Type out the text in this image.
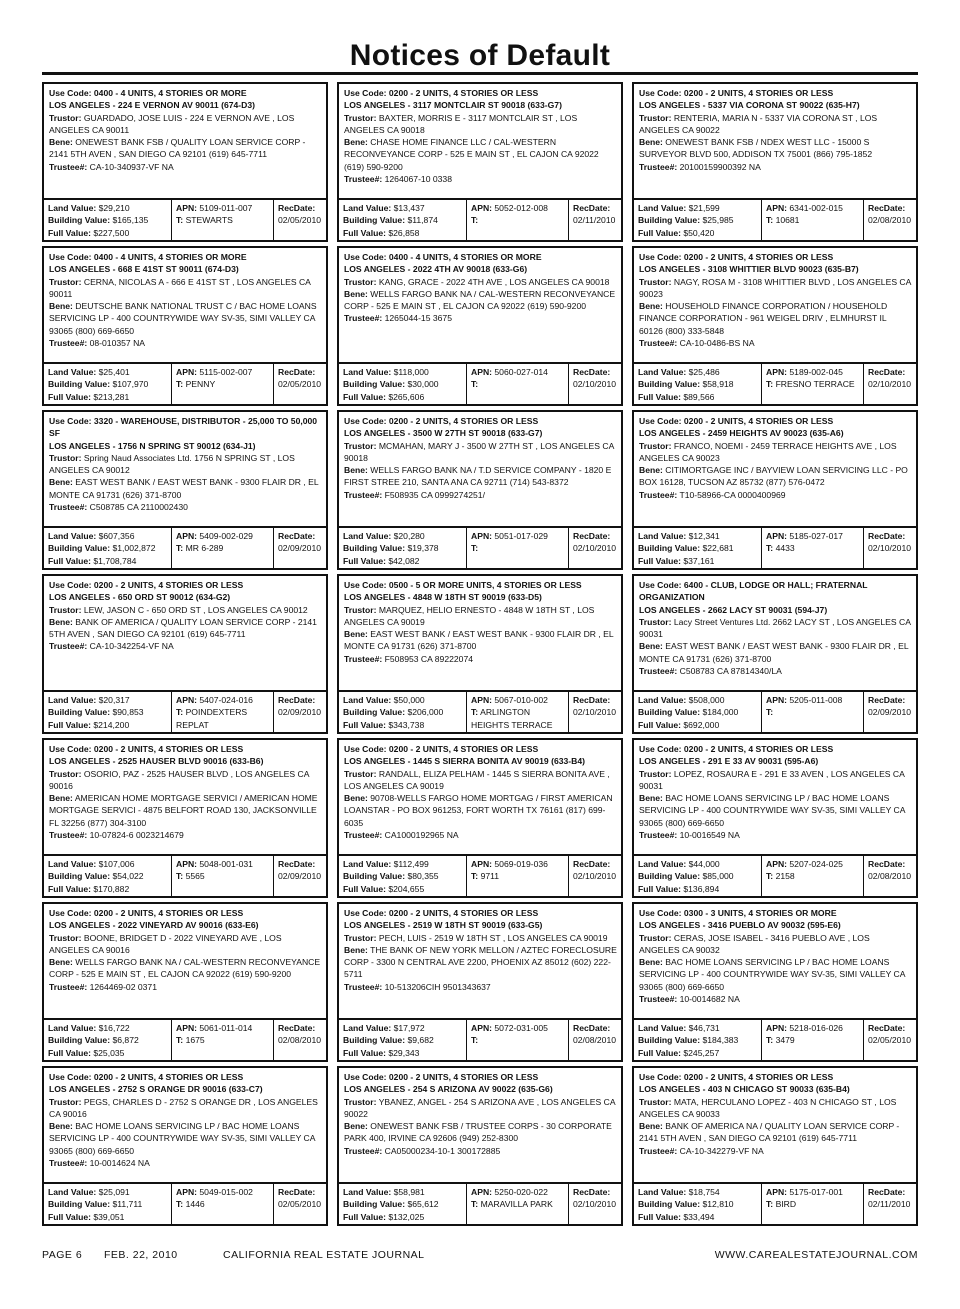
Notices of Default
Use Code: 0400 - 4 UNITS, 4 STORIES OR MORE
LOS ANGELES - 224 E VERNON AV 90011 (674-D3)
Trustor: GUARDADO, JOSE LUIS - 224 E VERNON AVE , LOS ANGELES CA 90011
Bene: ONEWEST BANK FSB / QUALITY LOAN SERVICE CORP - 2141 5TH AVEN , SAN DIEGO CA 92101 (619) 645-7711
Trustee#: CA-10-340937-VF NA
Land Value: $29,210
Building Value: $165,135
Full Value: $227,500
APN: 5109-011-007
T: STEWARTS
RecDate:
02/05/2010
Use Code: 0200 - 2 UNITS, 4 STORIES OR LESS
LOS ANGELES - 3117 MONTCLAIR ST 90018 (633-G7)
Trustor: BAXTER, MORRIS E - 3117 MONTCLAIR ST , LOS ANGELES CA 90018
Bene: CHASE HOME FINANCE LLC / CAL-WESTERN RECONVEYANCE CORP - 525 E MAIN ST , EL CAJON CA 92022 (619) 590-9200
Trustee#: 1264067-10 0338
Land Value: $13,437
Building Value: $11,874
Full Value: $26,858
APN: 5052-012-008
T:
RecDate:
02/11/2010
Use Code: 0200 - 2 UNITS, 4 STORIES OR LESS
LOS ANGELES - 5337 VIA CORONA ST 90022 (635-H7)
Trustor: RENTERIA, MARIA N - 5337 VIA CORONA ST , LOS ANGELES CA 90022
Bene: ONEWEST BANK FSB / NDEX WEST LLC - 15000 S SURVEYOR BLVD 500, ADDISON TX 75001 (866) 795-1852
Trustee#: 20100159900392 NA
Land Value: $21,599
Building Value: $25,985
Full Value: $50,420
APN: 6341-002-015
T: 10681
RecDate:
02/08/2010
Use Code: 0400 - 4 UNITS, 4 STORIES OR MORE
LOS ANGELES - 668 E 41ST ST 90011 (674-D3)
Trustor: CERNA, NICOLAS A - 666 E 41ST ST , LOS ANGELES CA 90011
Bene: DEUTSCHE BANK NATIONAL TRUST C / BAC HOME LOANS SERVICING LP - 400 COUNTRYWIDE WAY SV-35, SIMI VALLEY CA 93065 (800) 669-6650
Trustee#: 08-010357 NA
Land Value: $25,401
Building Value: $107,970
Full Value: $213,281
APN: 5115-002-007
T: PENNY
RecDate:
02/05/2010
Use Code: 0400 - 4 UNITS, 4 STORIES OR MORE
LOS ANGELES - 2022 4TH AV 90018 (633-G6)
Trustor: KANG, GRACE - 2022 4TH AVE , LOS ANGELES CA 90018
Bene: WELLS FARGO BANK NA / CAL-WESTERN RECONVEYANCE CORP - 525 E MAIN ST , EL CAJON CA 92022 (619) 590-9200
Trustee#: 1265044-15 3675
Land Value: $118,000
Building Value: $30,000
Full Value: $265,606
APN: 5060-027-014
T:
RecDate:
02/10/2010
Use Code: 0200 - 2 UNITS, 4 STORIES OR LESS
LOS ANGELES - 3108 WHITTIER BLVD 90023 (635-B7)
Trustor: NAGY, ROSA M - 3108 WHITTIER BLVD , LOS ANGELES CA 90023
Bene: HOUSEHOLD FINANCE CORPORATION / HOUSEHOLD FINANCE CORPORATION - 961 WEIGEL DRIV , ELMHURST IL 60126 (800) 333-5848
Trustee#: CA-10-0486-BS NA
Land Value: $25,486
Building Value: $58,918
Full Value: $89,566
APN: 5189-002-045
T: FRESNO TERRACE
RecDate:
02/10/2010
Use Code: 3320 - WAREHOUSE, DISTRIBUTOR - 25,000 TO 50,000 SF
LOS ANGELES - 1756 N SPRING ST 90012 (634-J1)
Trustor: Spring Naud Associates Ltd. 1756 N SPRING ST , LOS ANGELES CA 90012
Bene: EAST WEST BANK / EAST WEST BANK - 9300 FLAIR DR , EL MONTE CA 91731 (626) 371-8700
Trustee#: C508785 CA 2110002430
Land Value: $607,356
Building Value: $1,002,872
Full Value: $1,708,784
APN: 5409-002-029
T: MR 6-289
RecDate:
02/09/2010
Use Code: 0200 - 2 UNITS, 4 STORIES OR LESS
LOS ANGELES - 3500 W 27TH ST 90018 (633-G7)
Trustor: MCMAHAN, MARY J - 3500 W 27TH ST , LOS ANGELES CA 90018
Bene: WELLS FARGO BANK NA / T.D SERVICE COMPANY - 1820 E FIRST STREE 210, SANTA ANA CA 92711 (714) 543-8372
Trustee#: F508935 CA 0999274251/
Land Value: $20,280
Building Value: $19,378
Full Value: $42,082
APN: 5051-017-029
T:
RecDate:
02/10/2010
Use Code: 0200 - 2 UNITS, 4 STORIES OR LESS
LOS ANGELES - 2459 HEIGHTS AV 90023 (635-A6)
Trustor: FRANCO, NOEMI - 2459 TERRACE HEIGHTS AVE , LOS ANGELES CA 90023
Bene: CITIMORTGAGE INC / BAYVIEW LOAN SERVICING LLC - PO BOX 16128, TUCSON AZ 85732 (877) 576-0472
Trustee#: T10-58966-CA 0000400969
Land Value: $12,341
Building Value: $22,681
Full Value: $37,161
APN: 5185-027-017
T: 4433
RecDate:
02/10/2010
Use Code: 0200 - 2 UNITS, 4 STORIES OR LESS
LOS ANGELES - 650 ORD ST 90012 (634-G2)
Trustor: LEW, JASON C - 650 ORD ST , LOS ANGELES CA 90012
Bene: BANK OF AMERICA / QUALITY LOAN SERVICE CORP - 2141 5TH AVEN , SAN DIEGO CA 92101 (619) 645-7711
Trustee#: CA-10-342254-VF NA
Land Value: $20,317
Building Value: $90,853
Full Value: $214,200
APN: 5407-024-016
T: POINDEXTERS REPLAT
RecDate:
02/09/2010
Use Code: 0500 - 5 OR MORE UNITS, 4 STORIES OR LESS
LOS ANGELES - 4848 W 18TH ST 90019 (633-D5)
Trustor: MARQUEZ, HELIO ERNESTO - 4848 W 18TH ST , LOS ANGELES CA 90019
Bene: EAST WEST BANK / EAST WEST BANK - 9300 FLAIR DR , EL MONTE CA 91731 (626) 371-8700
Trustee#: F508953 CA 89222074
Land Value: $50,000
Building Value: $206,000
Full Value: $343,738
APN: 5067-010-002
T: ARLINGTON HEIGHTS TERRACE
RecDate:
02/10/2010
Use Code: 6400 - CLUB, LODGE OR HALL; FRATERNAL ORGANIZATION
LOS ANGELES - 2662 LACY ST 90031 (594-J7)
Trustor: Lacy Street Ventures Ltd. 2662 LACY ST , LOS ANGELES CA 90031
Bene: EAST WEST BANK / EAST WEST BANK - 9300 FLAIR DR , EL MONTE CA 91731 (626) 371-8700
Trustee#: C508783 CA 87814340/LA
Land Value: $508,000
Building Value: $184,000
Full Value: $692,000
APN: 5205-011-008
T:
RecDate:
02/09/2010
Use Code: 0200 - 2 UNITS, 4 STORIES OR LESS
LOS ANGELES - 2525 HAUSER BLVD 90016 (633-B6)
Trustor: OSORIO, PAZ - 2525 HAUSER BLVD , LOS ANGELES CA 90016
Bene: AMERICAN HOME MORTGAGE SERVICI / AMERICAN HOME MORTGAGE SERVICI - 4875 BELFORT ROAD 130, JACKSONVILLE FL 32256 (877) 304-3100
Trustee#: 10-07824-6 0023214679
Land Value: $107,006
Building Value: $54,022
Full Value: $170,882
APN: 5048-001-031
T: 5565
RecDate:
02/09/2010
Use Code: 0200 - 2 UNITS, 4 STORIES OR LESS
LOS ANGELES - 1445 S SIERRA BONITA AV 90019 (633-B4)
Trustor: RANDALL, ELIZA PELHAM - 1445 S SIERRA BONITA AVE , LOS ANGELES CA 90019
Bene: 90708-WELLS FARGO HOME MORTGAG / FIRST AMERICAN LOANSTAR - PO BOX 961253, FORT WORTH TX 76161 (817) 699-6035
Trustee#: CA1000192965 NA
Land Value: $112,499
Building Value: $80,355
Full Value: $204,655
APN: 5069-019-036
T: 9711
RecDate:
02/10/2010
Use Code: 0200 - 2 UNITS, 4 STORIES OR LESS
LOS ANGELES - 291 E 33 AV 90031 (595-A6)
Trustor: LOPEZ, ROSAURA E - 291 E 33 AVEN , LOS ANGELES CA 90031
Bene: BAC HOME LOANS SERVICING LP / BAC HOME LOANS SERVICING LP - 400 COUNTRYWIDE WAY SV-35, SIMI VALLEY CA 93065 (800) 669-6650
Trustee#: 10-0016549 NA
Land Value: $44,000
Building Value: $85,000
Full Value: $136,894
APN: 5207-024-025
T: 2158
RecDate:
02/08/2010
Use Code: 0200 - 2 UNITS, 4 STORIES OR LESS
LOS ANGELES - 2022 VINEYARD AV 90016 (633-E6)
Trustor: BOONE, BRIDGET D - 2022 VINEYARD AVE , LOS ANGELES CA 90016
Bene: WELLS FARGO BANK NA / CAL-WESTERN RECONVEYANCE CORP - 525 E MAIN ST , EL CAJON CA 92022 (619) 590-9200
Trustee#: 1264469-02 0371
Land Value: $16,722
Building Value: $6,872
Full Value: $25,035
APN: 5061-011-014
T: 1675
RecDate:
02/08/2010
Use Code: 0200 - 2 UNITS, 4 STORIES OR LESS
LOS ANGELES - 2519 W 18TH ST 90019 (633-G5)
Trustor: PECH, LUIS - 2519 W 18TH ST , LOS ANGELES CA 90019
Bene: THE BANK OF NEW YORK MELLON / AZTEC FORECLOSURE CORP - 3300 N CENTRAL AVE 2200, PHOENIX AZ 85012 (602) 222-5711
Trustee#: 10-513206CIH 9501343637
Land Value: $17,972
Building Value: $9,682
Full Value: $29,343
APN: 5072-031-005
T:
RecDate:
02/08/2010
Use Code: 0300 - 3 UNITS, 4 STORIES OR MORE
LOS ANGELES - 3416 PUEBLO AV 90032 (595-E6)
Trustor: CERAS, JOSE ISABEL - 3416 PUEBLO AVE , LOS ANGELES CA 90032
Bene: BAC HOME LOANS SERVICING LP / BAC HOME LOANS SERVICING LP - 400 COUNTRYWIDE WAY SV-35, SIMI VALLEY CA 93065 (800) 669-6650
Trustee#: 10-0014682 NA
Land Value: $46,731
Building Value: $184,383
Full Value: $245,257
APN: 5218-016-026
T: 3479
RecDate:
02/05/2010
Use Code: 0200 - 2 UNITS, 4 STORIES OR LESS
LOS ANGELES - 2752 S ORANGE DR 90016 (633-C7)
Trustor: PEGS, CHARLES D - 2752 S ORANGE DR , LOS ANGELES CA 90016
Bene: BAC HOME LOANS SERVICING LP / BAC HOME LOANS SERVICING LP - 400 COUNTRYWIDE WAY SV-35, SIMI VALLEY CA 93065 (800) 669-6650
Trustee#: 10-0014624 NA
Land Value: $25,091
Building Value: $11,711
Full Value: $39,051
APN: 5049-015-002
T: 1446
RecDate:
02/05/2010
Use Code: 0200 - 2 UNITS, 4 STORIES OR LESS
LOS ANGELES - 254 S ARIZONA AV 90022 (635-G6)
Trustor: YBANEZ, ANGEL - 254 S ARIZONA AVE , LOS ANGELES CA 90022
Bene: ONEWEST BANK FSB / TRUSTEE CORPS - 30 CORPORATE PARK 400, IRVINE CA 92606 (949) 252-8300
Trustee#: CA05000234-10-1 300172885
Land Value: $58,981
Building Value: $65,612
Full Value: $132,025
APN: 5250-020-022
T: MARAVILLA PARK
RecDate:
02/10/2010
Use Code: 0200 - 2 UNITS, 4 STORIES OR LESS
LOS ANGELES - 403 N CHICAGO ST 90033 (635-B4)
Trustor: MATA, HERCULANO LOPEZ - 403 N CHICAGO ST , LOS ANGELES CA 90033
Bene: BANK OF AMERICA NA / QUALITY LOAN SERVICE CORP - 2141 5TH AVEN , SAN DIEGO CA 92101 (619) 645-7711
Trustee#: CA-10-342279-VF NA
Land Value: $18,754
Building Value: $12,810
Full Value: $33,494
APN: 5175-017-001
T: BIRD
RecDate:
02/11/2010
PAGE 6 FEB. 22, 2010	CALIFORNIA REAL ESTATE JOURNAL	WWW.CAREALESTATEJOURNAL.COM
